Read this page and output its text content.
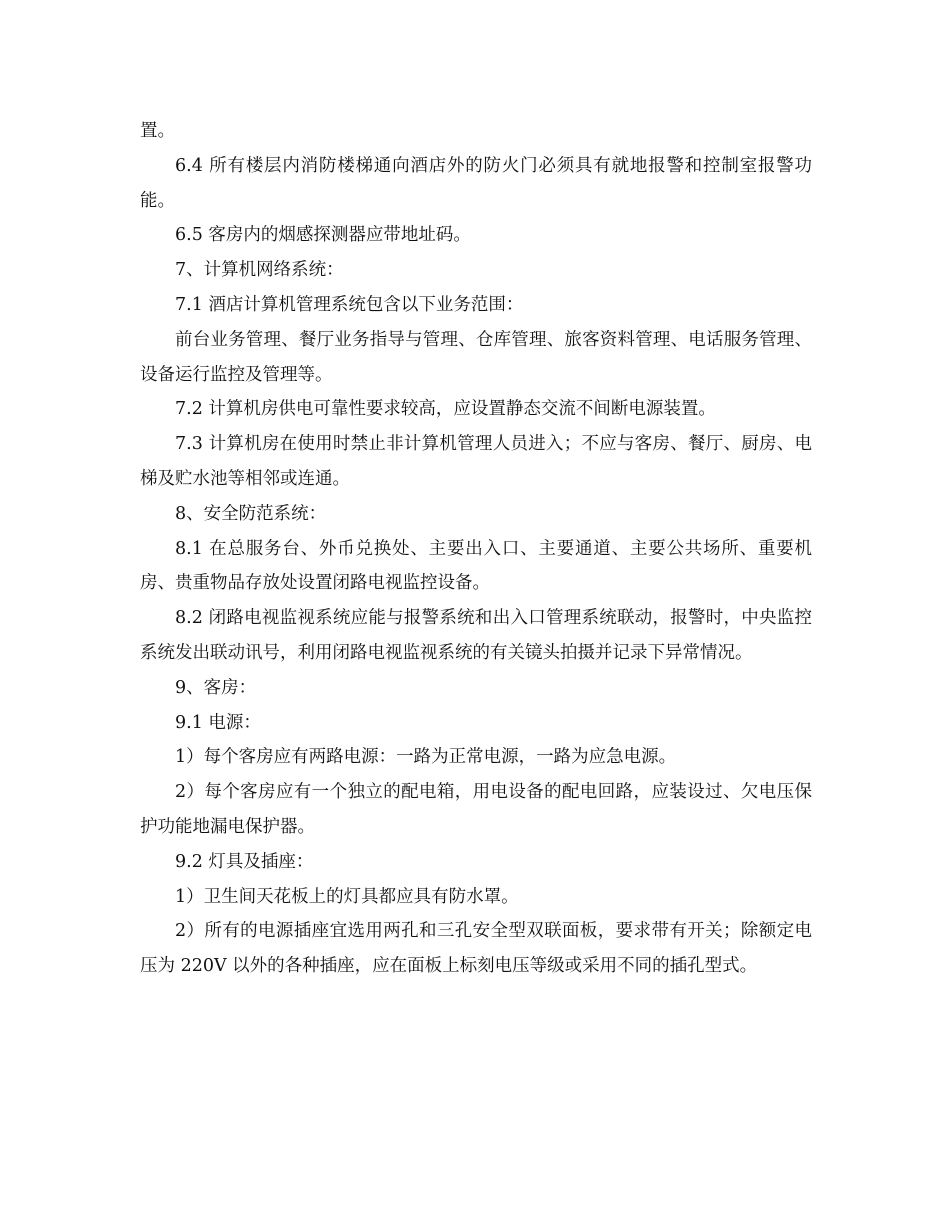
置。

6.4 所有楼层内消防楼梯通向酒店外的防火门必须具有就地报警和控制室报警功能。

6.5 客房内的烟感探测器应带地址码。

7、计算机网络系统：

7.1 酒店计算机管理系统包含以下业务范围：

前台业务管理、餐厅业务指导与管理、仓库管理、旅客资料管理、电话服务管理、设备运行监控及管理等。

7.2 计算机房供电可靠性要求较高，应设置静态交流不间断电源装置。

7.3 计算机房在使用时禁止非计算机管理人员进入；不应与客房、餐厅、厨房、电梯及贮水池等相邻或连通。

8、安全防范系统：

8.1 在总服务台、外币兑换处、主要出入口、主要通道、主要公共场所、重要机房、贵重物品存放处设置闭路电视监控设备。

8.2 闭路电视监视系统应能与报警系统和出入口管理系统联动，报警时，中央监控系统发出联动讯号，利用闭路电视监视系统的有关镜头拍摄并记录下异常情况。

9、客房：

9.1 电源：

1）每个客房应有两路电源：一路为正常电源，一路为应急电源。

2）每个客房应有一个独立的配电箱，用电设备的配电回路，应装设过、欠电压保护功能地漏电保护器。

9.2 灯具及插座：

1）卫生间天花板上的灯具都应具有防水罩。

2）所有的电源插座宜选用两孔和三孔安全型双联面板，要求带有开关；除额定电压为 220V 以外的各种插座，应在面板上标刻电压等级或采用不同的插孔型式。
